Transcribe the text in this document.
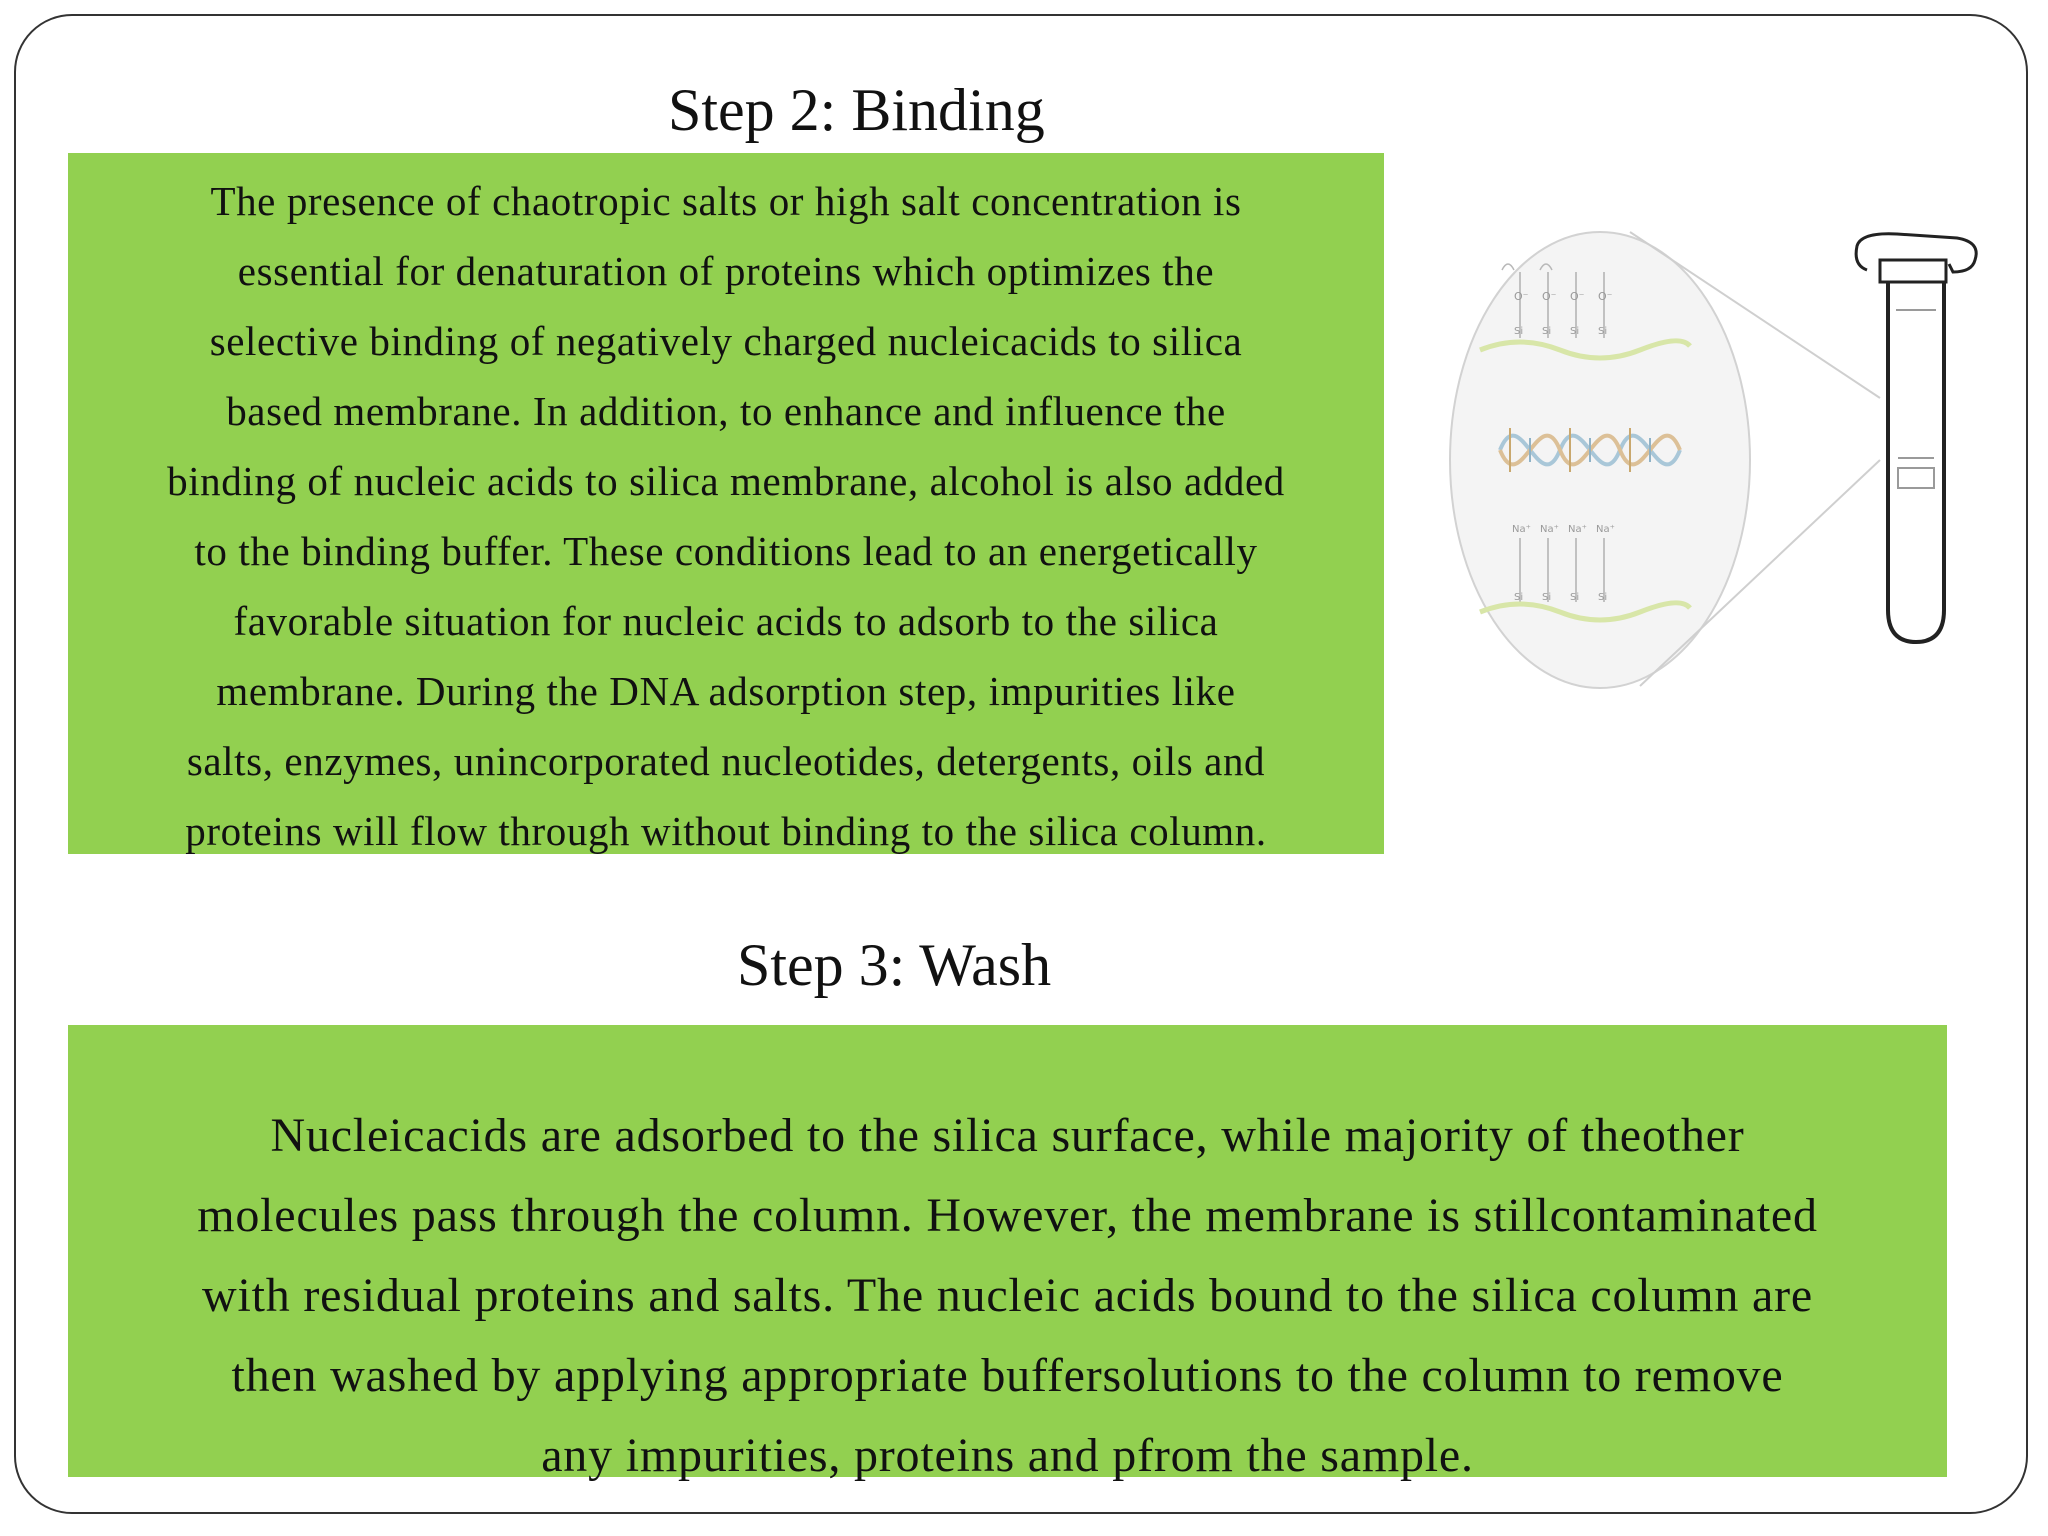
Step 2: Binding
The presence of chaotropic salts or high salt concentration is
essential for denaturation of proteins which optimizes the
selective binding of negatively charged nucleicacids to silica
based membrane. In addition, to enhance and influence the
binding of nucleic acids to silica membrane, alcohol is also added
to the binding buffer. These conditions lead to an energetically
favorable situation for nucleic acids to adsorb to the silica
membrane. During the DNA adsorption step, impurities like
salts, enzymes, unincorporated nucleotides, detergents, oils and
proteins will flow through without binding to the silica column.
O⁻ O⁻ O⁻ O⁻
Si Si Si Si
Na⁺ Na⁺ Na⁺ Na⁺
Si Si Si Si
Step 3: Wash
Nucleicacids are adsorbed to the silica surface, while majority of theother
molecules pass through the column. However, the membrane is stillcontaminated
with residual proteins and salts. The nucleic acids bound to the silica column are
then washed by applying appropriate buffersolutions to the column to remove
any impurities, proteins and pfrom the sample.
